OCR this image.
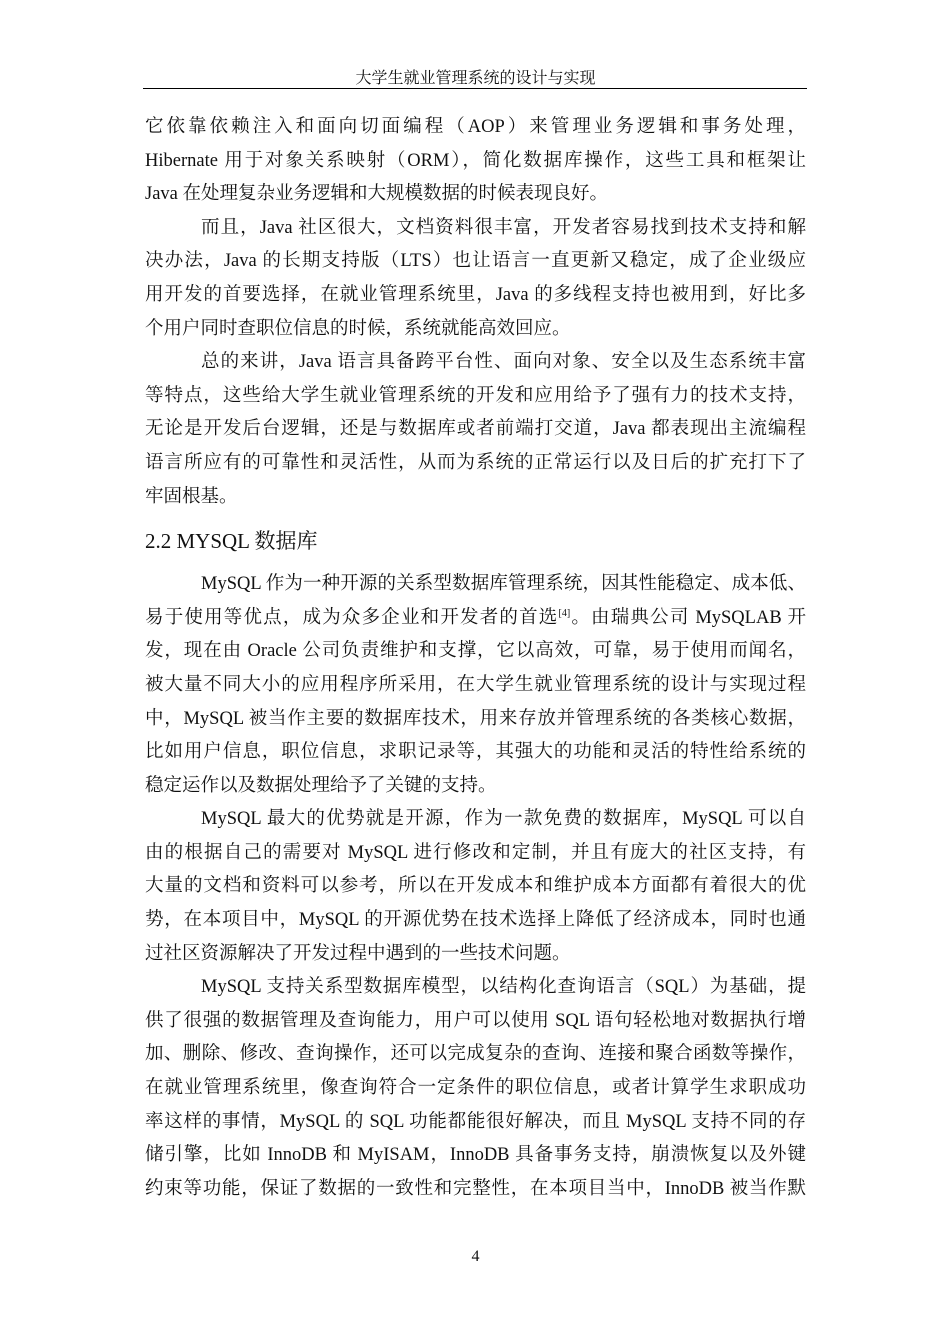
大学生就业管理系统的设计与实现
它依靠依赖注入和面向切面编程（AOP）来管理业务逻辑和事务处理，
Hibernate 用于对象关系映射（ORM），简化数据库操作，这些工具和框架让
Java 在处理复杂业务逻辑和大规模数据的时候表现良好。
而且，Java 社区很大，文档资料很丰富，开发者容易找到技术支持和解
决办法，Java 的长期支持版（LTS）也让语言一直更新又稳定，成了企业级应
用开发的首要选择，在就业管理系统里，Java 的多线程支持也被用到，好比多
个用户同时查职位信息的时候，系统就能高效回应。
总的来讲，Java 语言具备跨平台性、面向对象、安全以及生态系统丰富
等特点，这些给大学生就业管理系统的开发和应用给予了强有力的技术支持，
无论是开发后台逻辑，还是与数据库或者前端打交道，Java 都表现出主流编程
语言所应有的可靠性和灵活性，从而为系统的正常运行以及日后的扩充打下了
牢固根基。
2.2 MYSQL 数据库
MySQL 作为一种开源的关系型数据库管理系统，因其性能稳定、成本低、
易于使用等优点，成为众多企业和开发者的首选[4]。由瑞典公司 MySQLAB 开
发，现在由 Oracle 公司负责维护和支撑，它以高效，可靠，易于使用而闻名，
被大量不同大小的应用程序所采用，在大学生就业管理系统的设计与实现过程
中，MySQL 被当作主要的数据库技术，用来存放并管理系统的各类核心数据，
比如用户信息，职位信息，求职记录等，其强大的功能和灵活的特性给系统的
稳定运作以及数据处理给予了关键的支持。
MySQL 最大的优势就是开源，作为一款免费的数据库，MySQL 可以自
由的根据自己的需要对 MySQL 进行修改和定制，并且有庞大的社区支持，有
大量的文档和资料可以参考，所以在开发成本和维护成本方面都有着很大的优
势，在本项目中，MySQL 的开源优势在技术选择上降低了经济成本，同时也通
过社区资源解决了开发过程中遇到的一些技术问题。
MySQL 支持关系型数据库模型，以结构化查询语言（SQL）为基础，提
供了很强的数据管理及查询能力，用户可以使用 SQL 语句轻松地对数据执行增
加、删除、修改、查询操作，还可以完成复杂的查询、连接和聚合函数等操作，
在就业管理系统里，像查询符合一定条件的职位信息，或者计算学生求职成功
率这样的事情，MySQL 的 SQL 功能都能很好解决，而且 MySQL 支持不同的存
储引擎，比如 InnoDB 和 MyISAM，InnoDB 具备事务支持，崩溃恢复以及外键
约束等功能，保证了数据的一致性和完整性，在本项目当中，InnoDB 被当作默
4
